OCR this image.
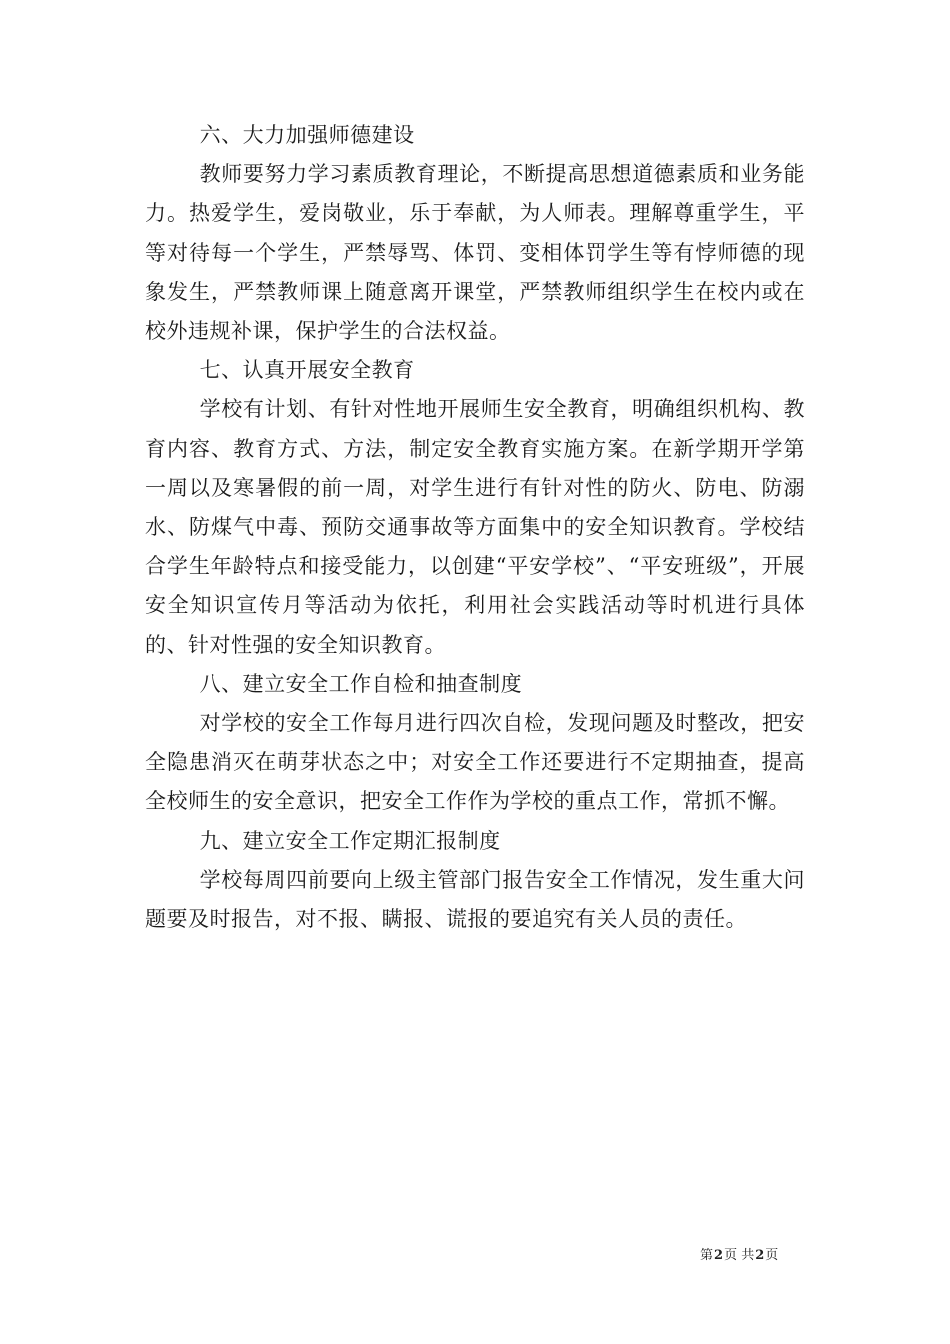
六、大力加强师德建设

教师要努力学习素质教育理论，不断提高思想道德素质和业务能力。热爱学生，爱岗敬业，乐于奉献，为人师表。理解尊重学生，平等对待每一个学生，严禁辱骂、体罚、变相体罚学生等有悖师德的现象发生，严禁教师课上随意离开课堂，严禁教师组织学生在校内或在校外违规补课，保护学生的合法权益。

七、认真开展安全教育

学校有计划、有针对性地开展师生安全教育，明确组织机构、教育内容、教育方式、方法，制定安全教育实施方案。在新学期开学第一周以及寒暑假的前一周，对学生进行有针对性的防火、防电、防溺水、防煤气中毒、预防交通事故等方面集中的安全知识教育。学校结合学生年龄特点和接受能力，以创建“平安学校”、“平安班级”，开展安全知识宣传月等活动为依托，利用社会实践活动等时机进行具体的、针对性强的安全知识教育。

八、建立安全工作自检和抽查制度

对学校的安全工作每月进行四次自检，发现问题及时整改，把安全隐患消灭在萌芽状态之中；对安全工作还要进行不定期抽查，提高全校师生的安全意识，把安全工作作为学校的重点工作，常抓不懈。

九、建立安全工作定期汇报制度

学校每周四前要向上级主管部门报告安全工作情况，发生重大问题要及时报告，对不报、瞒报、谎报的要追究有关人员的责任。

第2页 共2页
